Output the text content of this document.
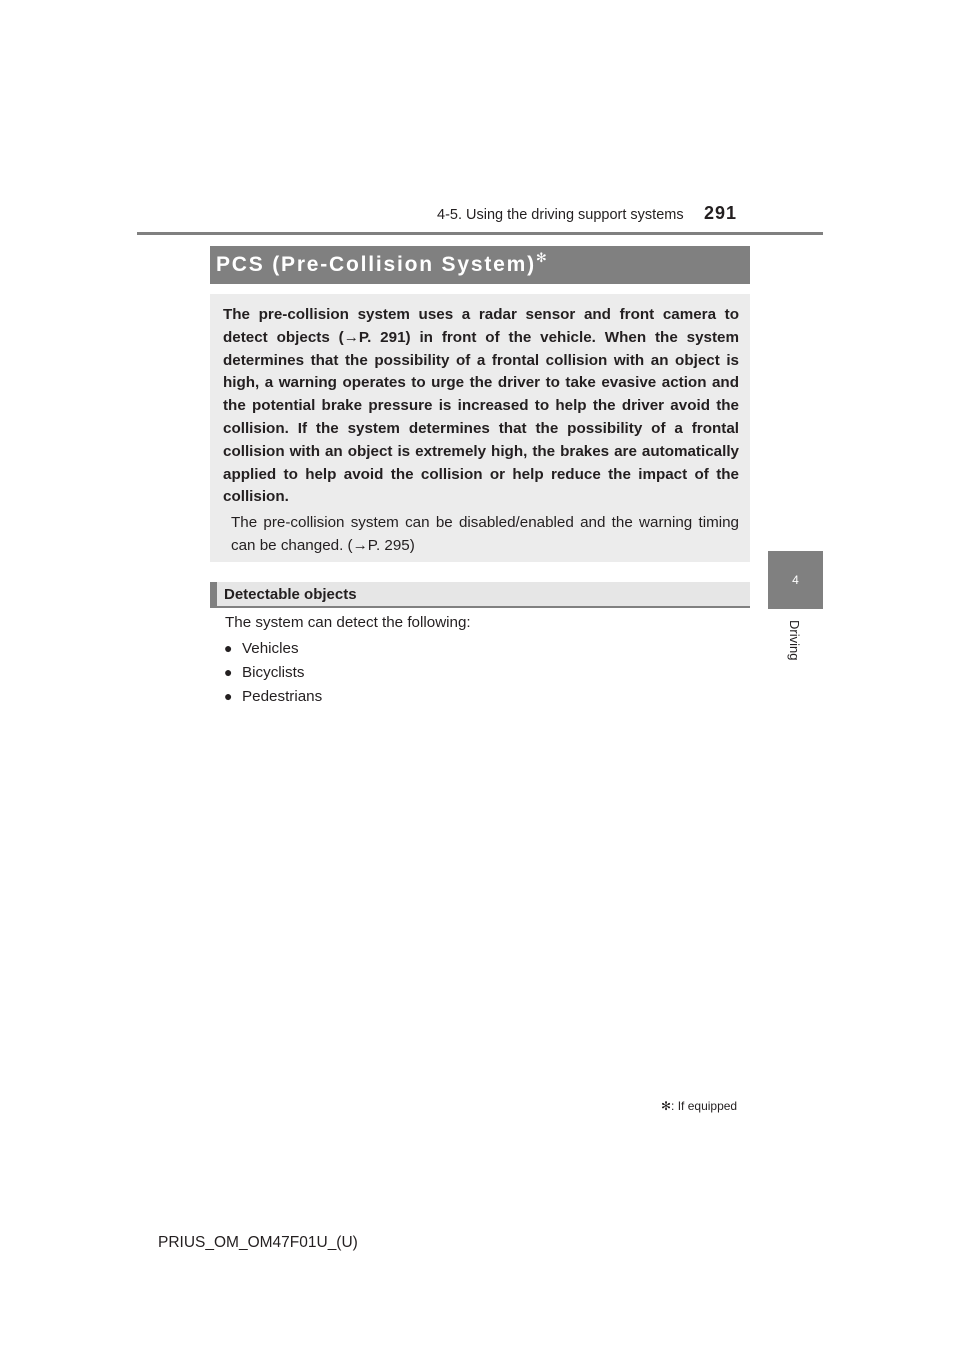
4-5. Using the driving support systems 291
4
Driving
PCS (Pre-Collision System)✻
The pre-collision system uses a radar sensor and front camera to detect objects (→P. 291) in front of the vehicle. When the system determines that the possibility of a frontal collision with an object is high, a warning operates to urge the driver to take evasive action and the potential brake pressure is increased to help the driver avoid the collision. If the system determines that the possibility of a frontal collision with an object is extremely high, the brakes are automatically applied to help avoid the collision or help reduce the impact of the collision.
The pre-collision system can be disabled/enabled and the warning timing can be changed. (→P. 295)
Detectable objects
The system can detect the following:
● Vehicles
● Bicyclists
● Pedestrians
✻: If equipped
PRIUS_OM_OM47F01U_(U)
